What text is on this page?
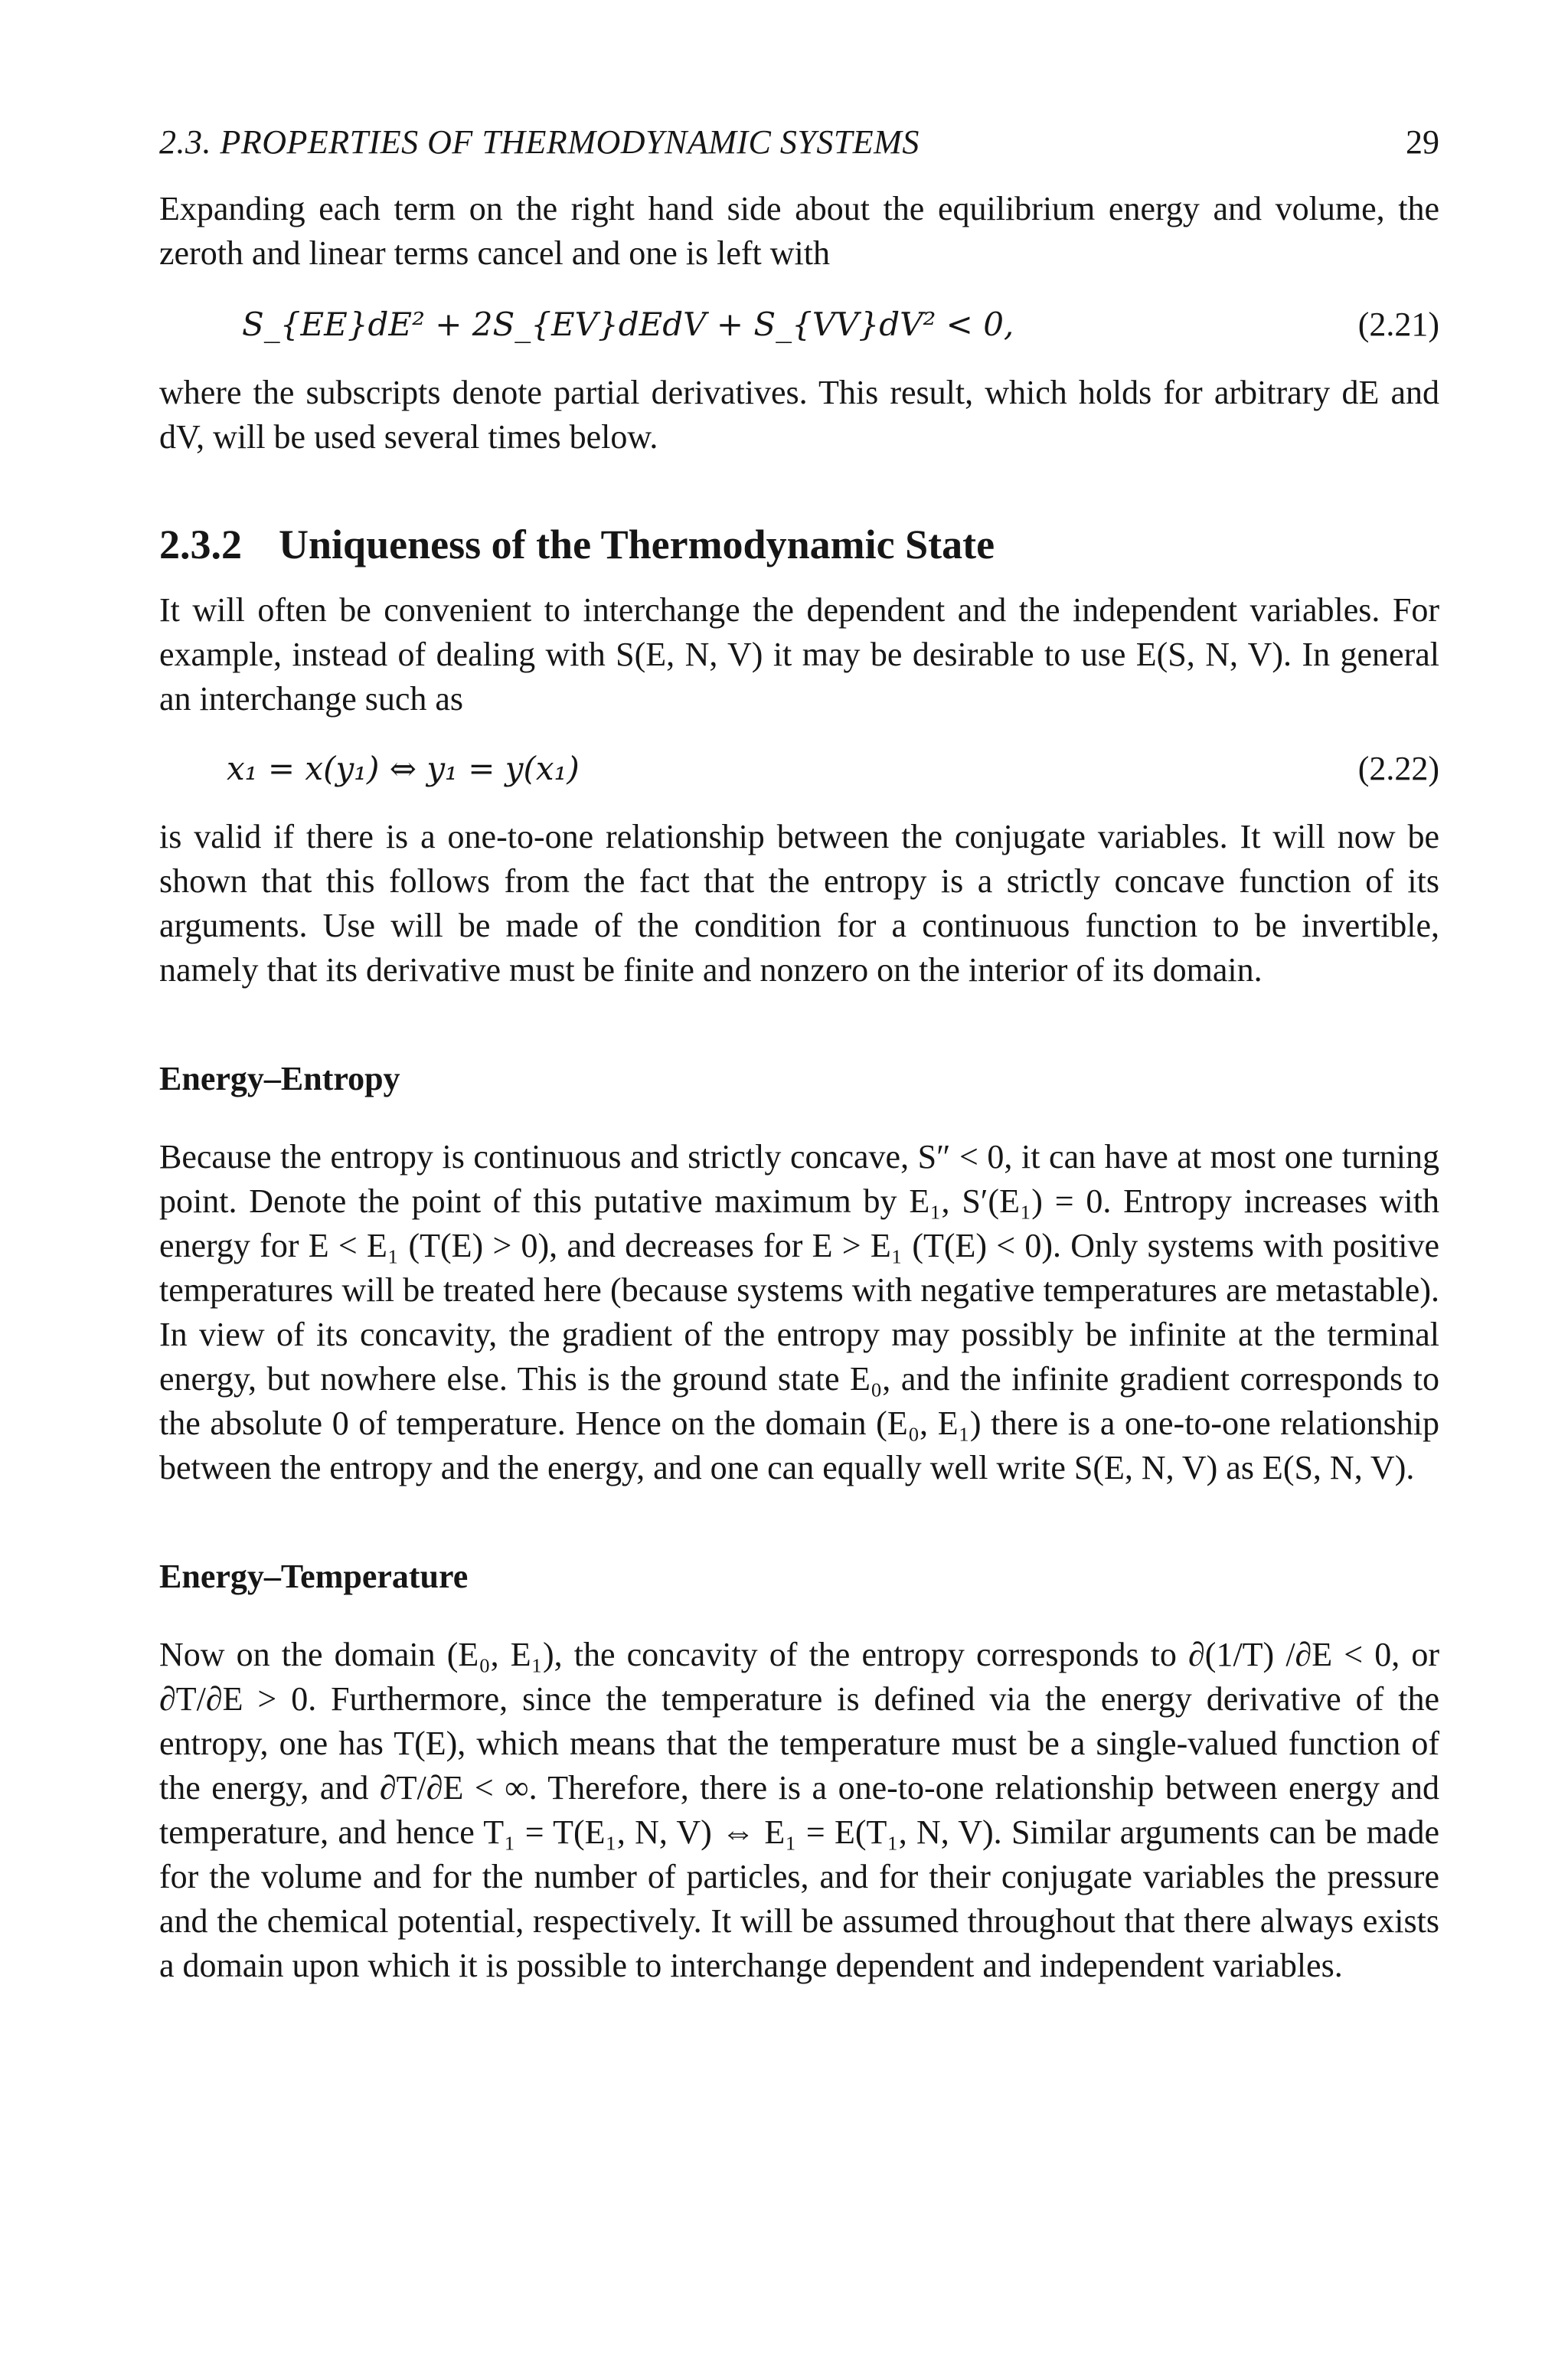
2.3. PROPERTIES OF THERMODYNAMIC SYSTEMS	29

Expanding each term on the right hand side about the equilibrium energy and volume, the zeroth and linear terms cancel and one is left with

S_{EE}dE² + 2S_{EV}dEdV + S_{VV}dV² < 0,	(2.21)

where the subscripts denote partial derivatives. This result, which holds for arbitrary dE and dV, will be used several times below.

2.3.2 Uniqueness of the Thermodynamic State

It will often be convenient to interchange the dependent and the independent variables. For example, instead of dealing with S(E, N, V) it may be desirable to use E(S, N, V). In general an interchange such as

x₁ = x(y₁) ⇔ y₁ = y(x₁)	(2.22)

is valid if there is a one-to-one relationship between the conjugate variables. It will now be shown that this follows from the fact that the entropy is a strictly concave function of its arguments. Use will be made of the condition for a continuous function to be invertible, namely that its derivative must be finite and nonzero on the interior of its domain.

Energy–Entropy

Because the entropy is continuous and strictly concave, S″ < 0, it can have at most one turning point. Denote the point of this putative maximum by E₁, S′(E₁) = 0. Entropy increases with energy for E < E₁ (T(E) > 0), and decreases for E > E₁ (T(E) < 0). Only systems with positive temperatures will be treated here (because systems with negative temperatures are metastable). In view of its concavity, the gradient of the entropy may possibly be infinite at the terminal energy, but nowhere else. This is the ground state E₀, and the infinite gradient corresponds to the absolute 0 of temperature. Hence on the domain (E₀, E₁) there is a one-to-one relationship between the entropy and the energy, and one can equally well write S(E, N, V) as E(S, N, V).

Energy–Temperature

Now on the domain (E₀, E₁), the concavity of the entropy corresponds to ∂(1/T) /∂E < 0, or ∂T/∂E > 0. Furthermore, since the temperature is defined via the energy derivative of the entropy, one has T(E), which means that the temperature must be a single-valued function of the energy, and ∂T/∂E < ∞. Therefore, there is a one-to-one relationship between energy and temperature, and hence T₁ = T(E₁, N, V) ⇔ E₁ = E(T₁, N, V). Similar arguments can be made for the volume and for the number of particles, and for their conjugate variables the pressure and the chemical potential, respectively. It will be assumed throughout that there always exists a domain upon which it is possible to interchange dependent and independent variables.
